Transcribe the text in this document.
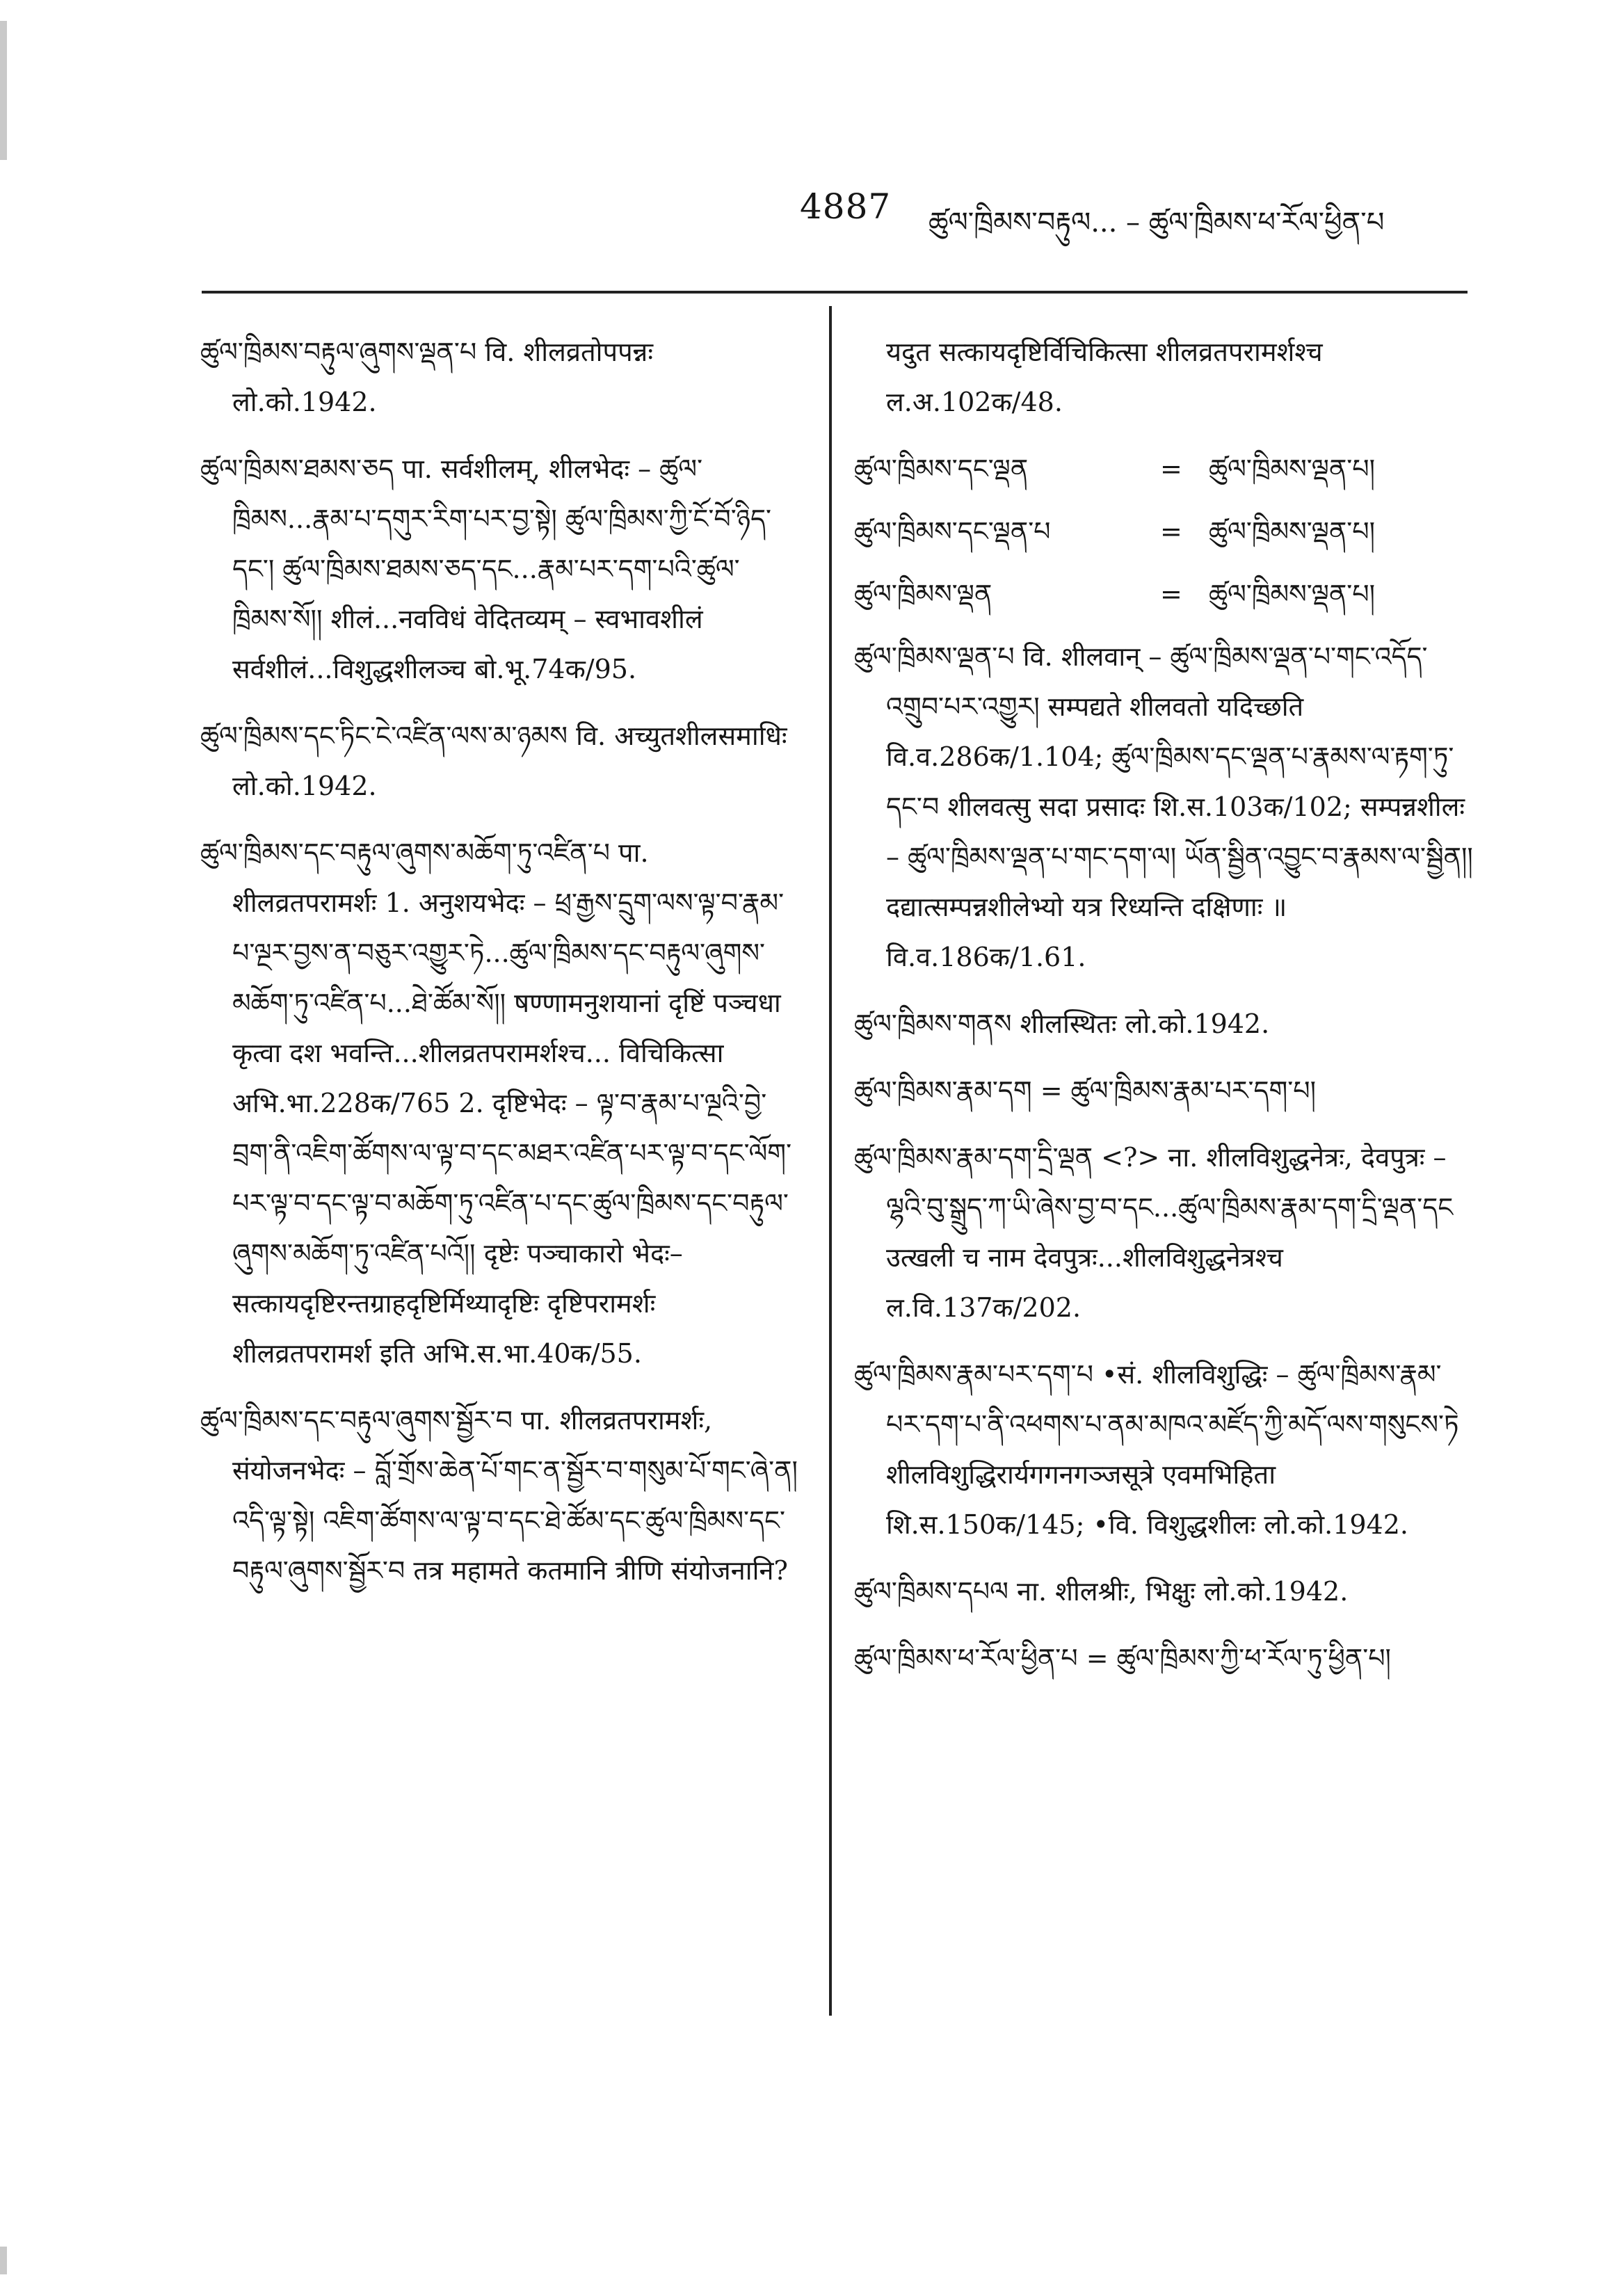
4887 ཚུལ་ཁྲིམས་བརྟུལ... – ཚུལ་ཁྲིམས་ཕ་རོལ་ཕྱིན་པ

ཚུལ་ཁྲིམས་བརྟུལ་ཞུགས་ལྡན་པ वि. शीलव्रतोपपन्नः लो.को.1942.

ཚུལ་ཁྲིམས་ཐམས་ཅད पा. सर्वशीलम्, शीलभेदः – ཚུལ་ཁྲིམས...རྣམ་པ་དགུར་རིག་པར་བྱ་སྟེ། ཚུལ་ཁྲིམས་ཀྱི་ངོ་བོ་ཉིད་དང་། ཚུལ་ཁྲིམས་ཐམས་ཅད་དང...རྣམ་པར་དག་པའི་ཚུལ་ཁྲིམས་སོ།། शीलं...नवविधं वेदितव्यम् – स्वभावशीलं सर्वशीलं...विशुद्धशीलञ्च बो.भू.74क/95.

ཚུལ་ཁྲིམས་དང་ཏིང་ངེ་འཛིན་ལས་མ་ཉམས वि. अच्युतशीलसमाधिः लो.को.1942.

ཚུལ་ཁྲིམས་དང་བརྟུལ་ཞུགས་མཆོག་ཏུ་འཛིན་པ पा. शीलव्रतपरामर्शः 1. अनुशयभेदः – ཕྲ་རྒྱས་དྲུག་ལས་ལྟ་བ་རྣམ་པ་ལྔར་བྱས་ན་བཅུར་འགྱུར་ཏེ...ཚུལ་ཁྲིམས་དང་བརྟུལ་ཞུགས་མཆོག་ཏུ་འཛིན་པ...ཐེ་ཚོམ་སོ།། षण्णामनुशयानां दृष्टिं पञ्चधा कृत्वा दश भवन्ति...शीलव्रतपरामर्शश्च... विचिकित्सा अभि.भा.228क/765 2. दृष्टिभेदः – ལྟ་བ་རྣམ་པ་ལྔའི་བྱེ་བྲག་ནི་འཇིག་ཚོགས་ལ་ལྟ་བ་དང་མཐར་འཛིན་པར་ལྟ་བ་དང་ལོག་པར་ལྟ་བ་དང་ལྟ་བ་མཆོག་ཏུ་འཛིན་པ་དང་ཚུལ་ཁྲིམས་དང་བརྟུལ་ཞུགས་མཆོག་ཏུ་འཛིན་པའོ།། दृष्टेः पञ्चाकारो भेदः–सत्कायदृष्टिरन्तग्राहदृष्टिर्मिथ्यादृष्टिः दृष्टिपरामर्शः शीलव्रतपरामर्श इति अभि.स.भा.40क/55.

ཚུལ་ཁྲིམས་དང་བརྟུལ་ཞུགས་སྦྱོར་བ पा. शीलव्रतपरामर्शः, संयोजनभेदः – བློ་གྲོས་ཆེན་པོ་གང་ན་སྦྱོར་བ་གསུམ་པོ་གང་ཞེ་ན། འདི་ལྟ་སྟེ། འཇིག་ཚོགས་ལ་ལྟ་བ་དང་ཐེ་ཚོམ་དང་ཚུལ་ཁྲིམས་དང་བརྟུལ་ཞུགས་སྦྱོར་བ तत्र महामते कतमानि त्रीणि संयोजनानि?

यदुत सत्कायदृष्टिर्विचिकित्सा शीलव्रतपरामर्शश्च ल.अ.102क/48.

ཚུལ་ཁྲིམས་དང་ལྡན	=	ཚུལ་ཁྲིམས་ལྡན་པ།
ཚུལ་ཁྲིམས་དང་ལྡན་པ	=	ཚུལ་ཁྲིམས་ལྡན་པ།
ཚུལ་ཁྲིམས་ལྡན	=	ཚུལ་ཁྲིམས་ལྡན་པ།

ཚུལ་ཁྲིམས་ལྡན་པ वि. शीलवान् – ཚུལ་ཁྲིམས་ལྡན་པ་གང་འདོད་འགྲུབ་པར་འགྱུར། सम्पद्यते शीलवतो यदिच्छति वि.व.286क/1.104; ཚུལ་ཁྲིམས་དང་ལྡན་པ་རྣམས་ལ་རྟག་ཏུ་དང་བ शीलवत्सु सदा प्रसादः शि.स.103क/102; सम्पन्नशीलः – ཚུལ་ཁྲིམས་ལྡན་པ་གང་དག་ལ། ཡོན་སྦྱིན་འབྱུང་བ་རྣམས་ལ་སྦྱིན།། दद्यात्सम्पन्नशीलेभ्यो यत्र रिध्यन्ति दक्षिणाः ॥ वि.व.186क/1.61.

ཚུལ་ཁྲིམས་གནས शीलस्थितः लो.को.1942.

ཚུལ་ཁྲིམས་རྣམ་དག = ཚུལ་ཁྲིམས་རྣམ་པར་དག་པ།

ཚུལ་ཁྲིམས་རྣམ་དག་དྲི་ལྡན <?> ना. शीलविशुद्धनेत्रः, देवपुत्रः – ལྷའི་བུ་སྒྲུད་ཀ་ཡི་ཞེས་བྱ་བ་དང...ཚུལ་ཁྲིམས་རྣམ་དག་དྲི་ལྡན་དང उत्खली च नाम देवपुत्रः...शीलविशुद्धनेत्रश्च ल.वि.137क/202.

ཚུལ་ཁྲིམས་རྣམ་པར་དག་པ •सं. शीलविशुद्धिः – ཚུལ་ཁྲིམས་རྣམ་པར་དག་པ་ནི་འཕགས་པ་ནམ་མཁའ་མཛོད་ཀྱི་མདོ་ལས་གསུངས་ཏེ शीलविशुद्धिरार्यगगनगञ्जसूत्रे एवमभिहिता शि.स.150क/145; •वि. विशुद्धशीलः लो.को.1942.

ཚུལ་ཁྲིམས་དཔལ ना. शीलश्रीः, भिक्षुः लो.को.1942.

ཚུལ་ཁྲིམས་ཕ་རོལ་ཕྱིན་པ = ཚུལ་ཁྲིམས་ཀྱི་ཕ་རོལ་ཏུ་ཕྱིན་པ།
